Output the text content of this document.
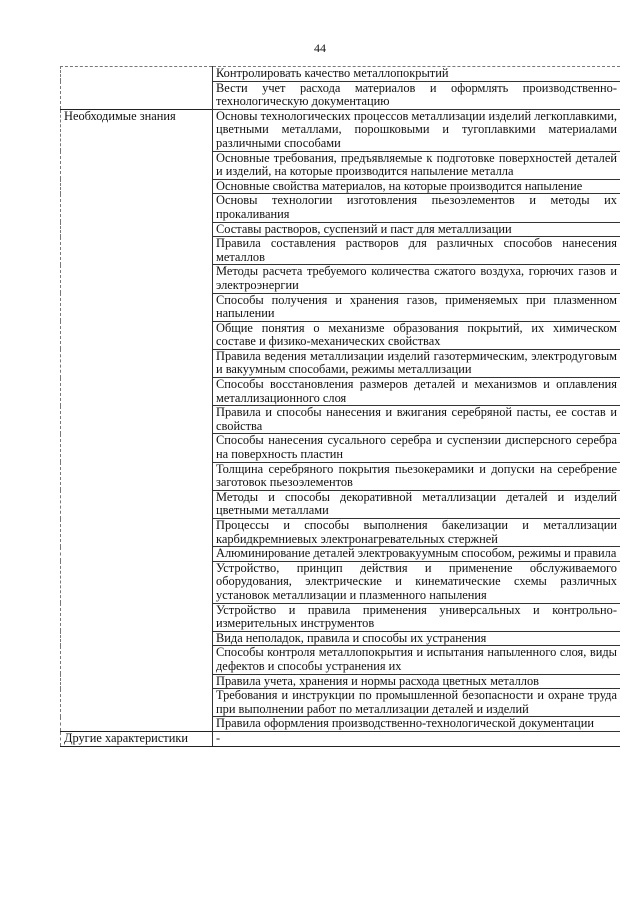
44
	Контролировать качество металлопокрытий
	Вести учет расхода материалов и оформлять производственно-технологическую документацию
Необходимые знания	Основы технологических процессов металлизации изделий легкоплавкими, цветными металлами, порошковыми и тугоплавкими материалами различными способами
	Основные требования, предъявляемые к подготовке поверхностей деталей и изделий, на которые производится напыление металла
	Основные свойства материалов, на которые производится напыление
	Основы технологии изготовления пьезоэлементов и методы их прокаливания
	Составы растворов, суспензий и паст для металлизации
	Правила составления растворов для различных способов нанесения металлов
	Методы расчета требуемого количества сжатого воздуха, горючих газов и электроэнергии
	Способы получения и хранения газов, применяемых при плазменном напылении
	Общие понятия о механизме образования покрытий, их химическом составе и физико-механических свойствах
	Правила ведения металлизации изделий газотермическим, электродуговым и вакуумным способами, режимы металлизации
	Способы восстановления размеров деталей и механизмов и оплавления металлизационного слоя
	Правила и способы нанесения и вжигания серебряной пасты, ее состав и свойства
	Способы нанесения сусального серебра и суспензии дисперсного серебра на поверхность пластин
	Толщина серебряного покрытия пьезокерамики и допуски на серебрение заготовок пьезоэлементов
	Методы и способы декоративной металлизации деталей и изделий цветными металлами
	Процессы и способы выполнения бакелизации и металлизации карбидкремниевых электронагревательных стержней
	Алюминирование деталей электровакуумным способом, режимы и правила
	Устройство, принцип действия и применение обслуживаемого оборудования, электрические и кинематические схемы различных установок металлизации и плазменного напыления
	Устройство и правила применения универсальных и контрольно-измерительных инструментов
	Вида неполадок, правила и способы их устранения
	Способы контроля металлопокрытия и испытания напыленного слоя, виды дефектов и способы устранения их
	Правила учета, хранения и нормы расхода цветных металлов
	Требования и инструкции по промышленной безопасности и охране труда при выполнении работ по металлизации деталей и изделий
	Правила оформления производственно-технологической документации
Другие характеристики	-
